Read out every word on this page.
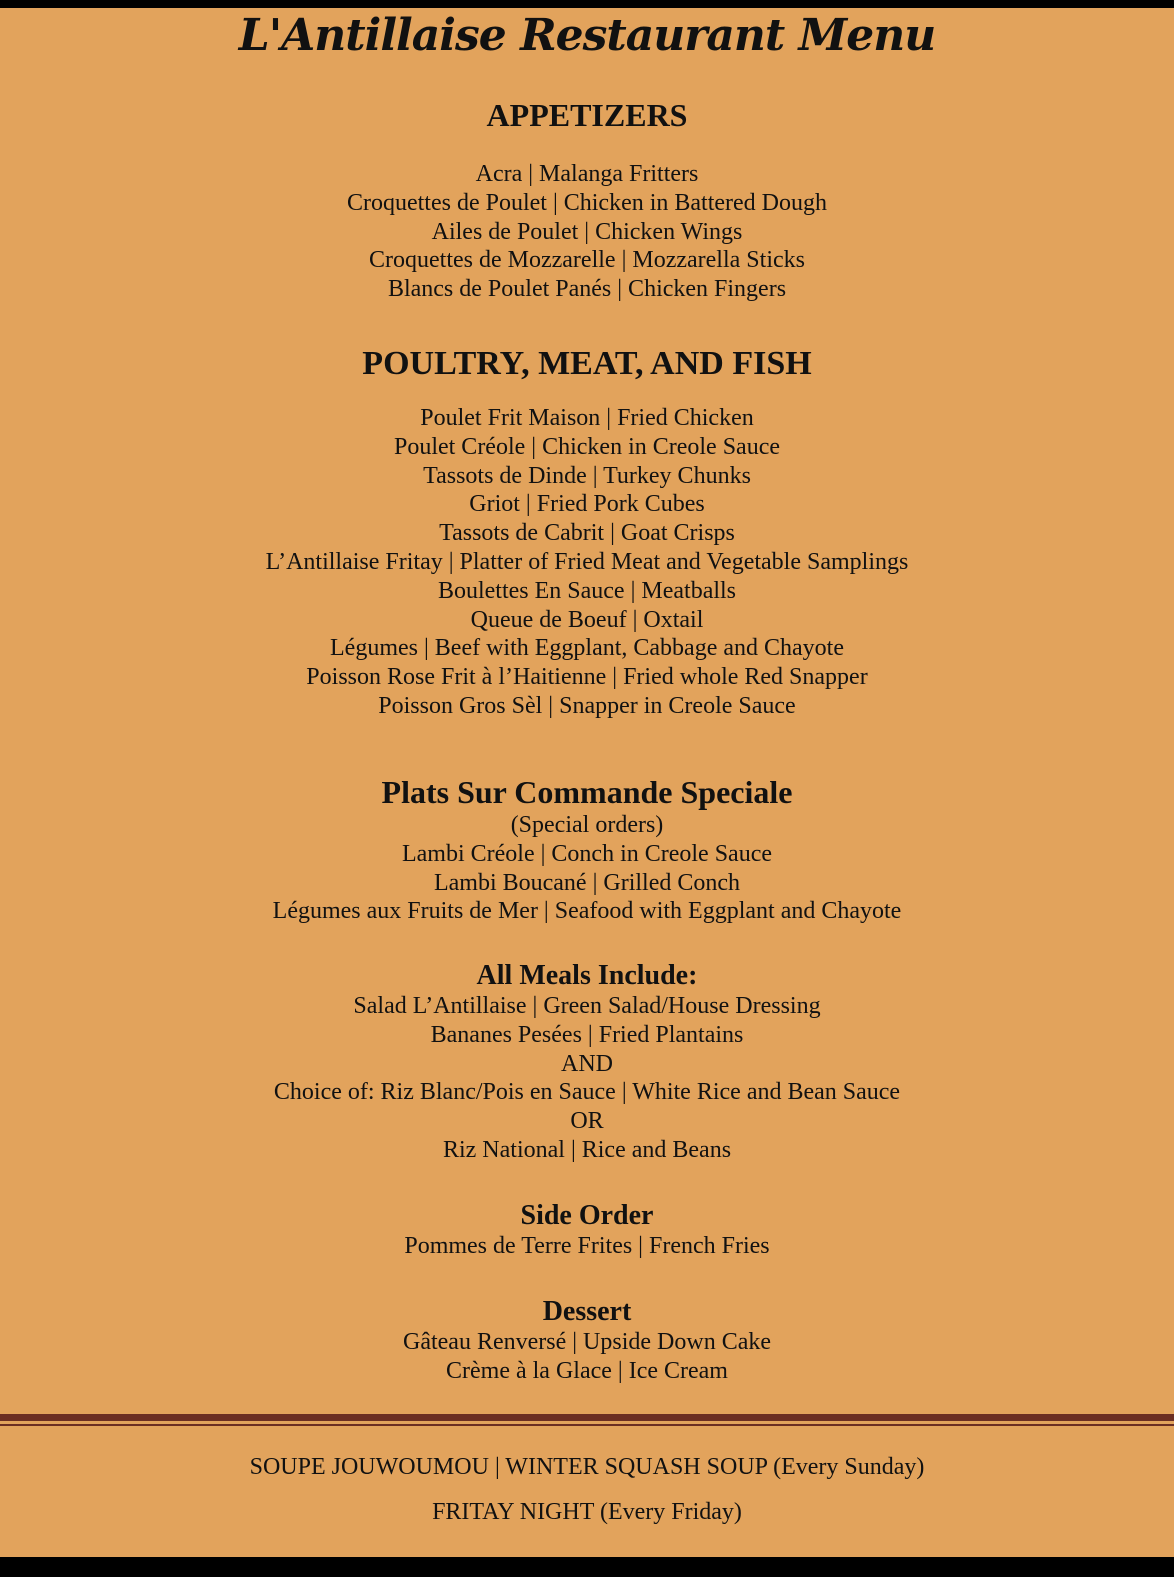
L'Antillaise Restaurant Menu
APPETIZERS
Acra | Malanga Fritters
Croquettes de Poulet | Chicken in Battered Dough
Ailes de Poulet | Chicken Wings
Croquettes de Mozzarelle | Mozzarella Sticks
Blancs de Poulet Panés | Chicken Fingers
POULTRY, MEAT, AND FISH
Poulet Frit Maison | Fried Chicken
Poulet Créole | Chicken in Creole Sauce
Tassots de Dinde | Turkey Chunks
Griot | Fried Pork Cubes
Tassots de Cabrit | Goat Crisps
L’Antillaise Fritay | Platter of Fried Meat and Vegetable Samplings
Boulettes En Sauce | Meatballs
Queue de Boeuf | Oxtail
Légumes | Beef with Eggplant, Cabbage and Chayote
Poisson Rose Frit à l’Haitienne | Fried whole Red Snapper
Poisson Gros Sèl | Snapper in Creole Sauce
Plats Sur Commande Speciale
(Special orders)
Lambi Créole | Conch in Creole Sauce
Lambi Boucané | Grilled Conch
Légumes aux Fruits de Mer | Seafood with Eggplant and Chayote
All Meals Include:
Salad L’Antillaise | Green Salad/House Dressing
Bananes Pesées | Fried Plantains
AND
Choice of: Riz Blanc/Pois en Sauce | White Rice and Bean Sauce
OR
Riz National | Rice and Beans
Side Order
Pommes de Terre Frites | French Fries
Dessert
Gâteau Renversé | Upside Down Cake
Crème à la Glace | Ice Cream
SOUPE JOUWOUMOU | WINTER SQUASH SOUP (Every Sunday)
FRITAY NIGHT (Every Friday)
